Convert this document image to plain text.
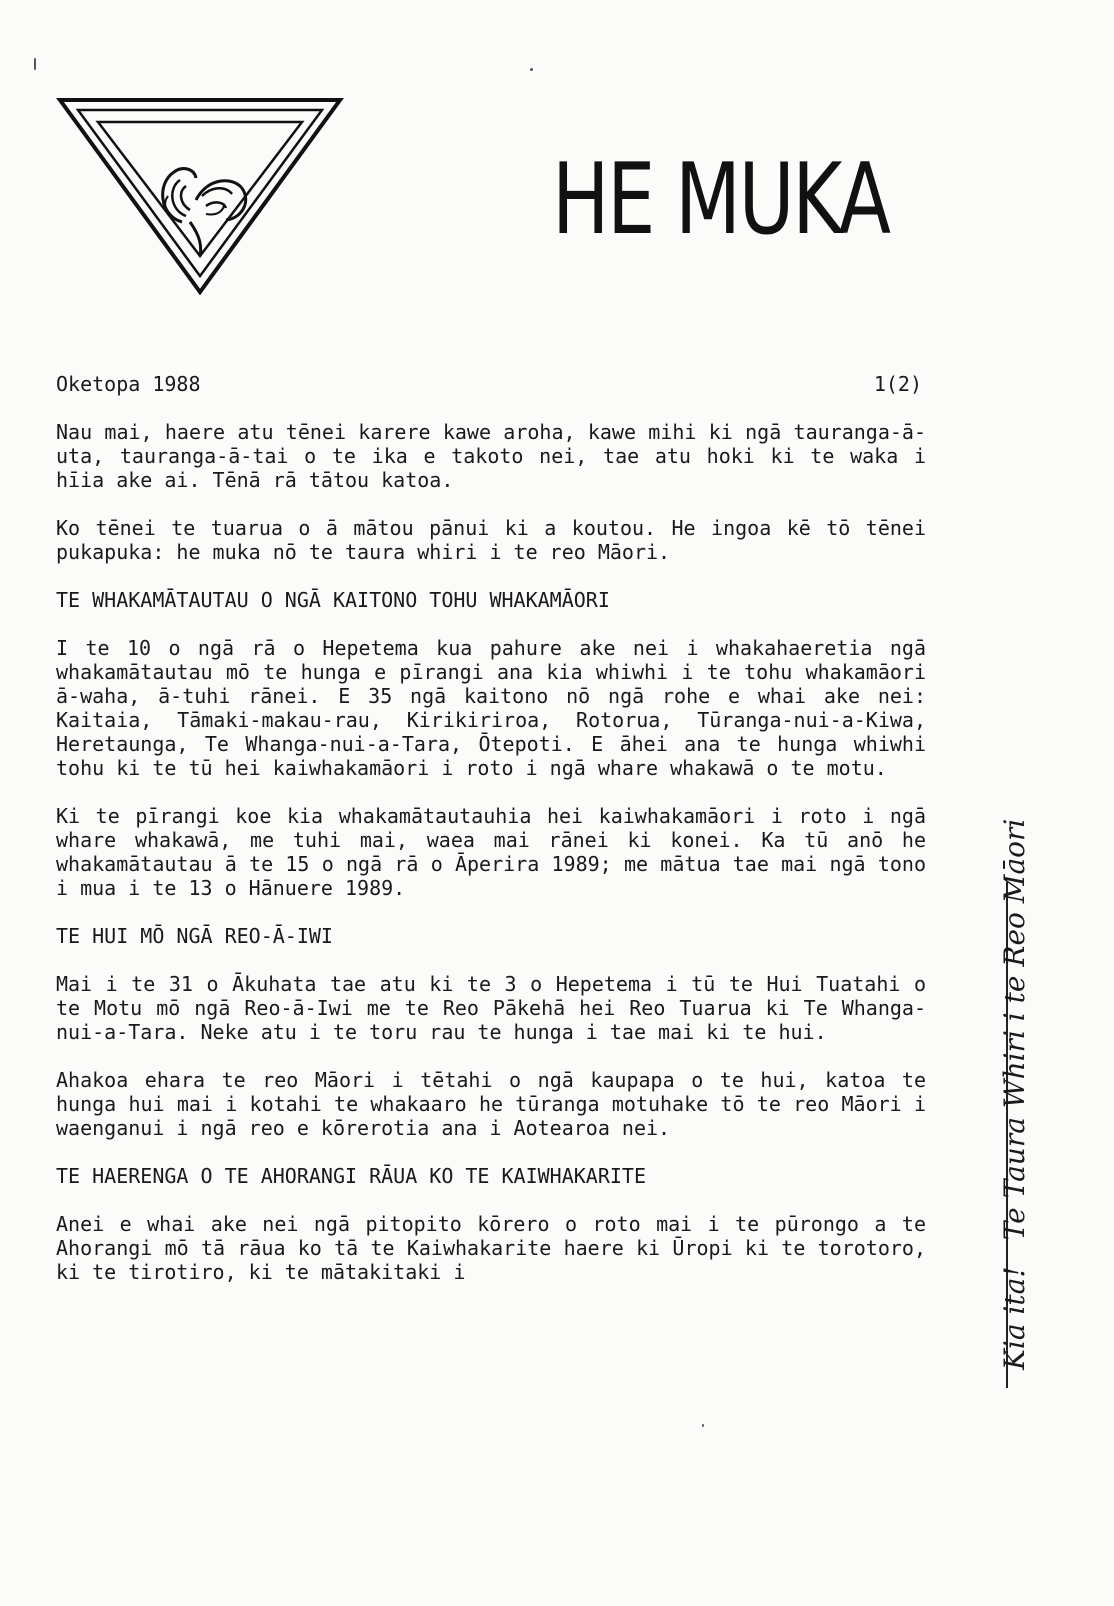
HE MUKA
Oketopa 1988	1(2)

Nau mai, haere atu tēnei karere kawe aroha, kawe mihi ki ngā tauranga-ā-uta, tauranga-ā-tai o te ika e takoto nei, tae atu hoki ki te waka i hīia ake ai. Tēnā rā tātou katoa.

Ko tēnei te tuarua o ā mātou pānui ki a koutou. He ingoa kē tō tēnei pukapuka: he muka nō te taura whiri i te reo Māori.

TE WHAKAMĀTAUTAU O NGĀ KAITONO TOHU WHAKAMĀORI

I te 10 o ngā rā o Hepetema kua pahure ake nei i whakahaeretia ngā whakamātautau mō te hunga e pīrangi ana kia whiwhi i te tohu whakamāori ā-waha, ā-tuhi rānei. E 35 ngā kaitono nō ngā rohe e whai ake nei: Kaitaia, Tāmaki-makau-rau, Kirikiriroa, Rotorua, Tūranga-nui-a-Kiwa, Heretaunga, Te Whanga-nui-a-Tara, Ōtepoti. E āhei ana te hunga whiwhi tohu ki te tū hei kaiwhakamāori i roto i ngā whare whakawā o te motu.

Ki te pīrangi koe kia whakamātautauhia hei kaiwhakamāori i roto i ngā whare whakawā, me tuhi mai, waea mai rānei ki konei. Ka tū anō he whakamātautau ā te 15 o ngā rā o Āperira 1989; me mātua tae mai ngā tono i mua i te 13 o Hānuere 1989.

TE HUI MŌ NGĀ REO-Ā-IWI

Mai i te 31 o Ākuhata tae atu ki te 3 o Hepetema i tū te Hui Tuatahi o te Motu mō ngā Reo-ā-Iwi me te Reo Pākehā hei Reo Tuarua ki Te Whanga-nui-a-Tara. Neke atu i te toru rau te hunga i tae mai ki te hui.

Ahakoa ehara te reo Māori i tētahi o ngā kaupapa o te hui, katoa te hunga hui mai i kotahi te whakaaro he tūranga motuhake tō te reo Māori i waenganui i ngā reo e kōrerotia ana i Aotearoa nei.

TE HAERENGA O TE AHORANGI RĀUA KO TE KAIWHAKARITE

Anei e whai ake nei ngā pitopito kōrero o roto mai i te pūrongo a te Ahorangi mō tā rāua ko tā te Kaiwhakarite haere ki Ūropi ki te torotoro, ki te tirotiro, ki te mātakitaki i	Kia ita!
Te Taura Whiri i te Reo Māori
